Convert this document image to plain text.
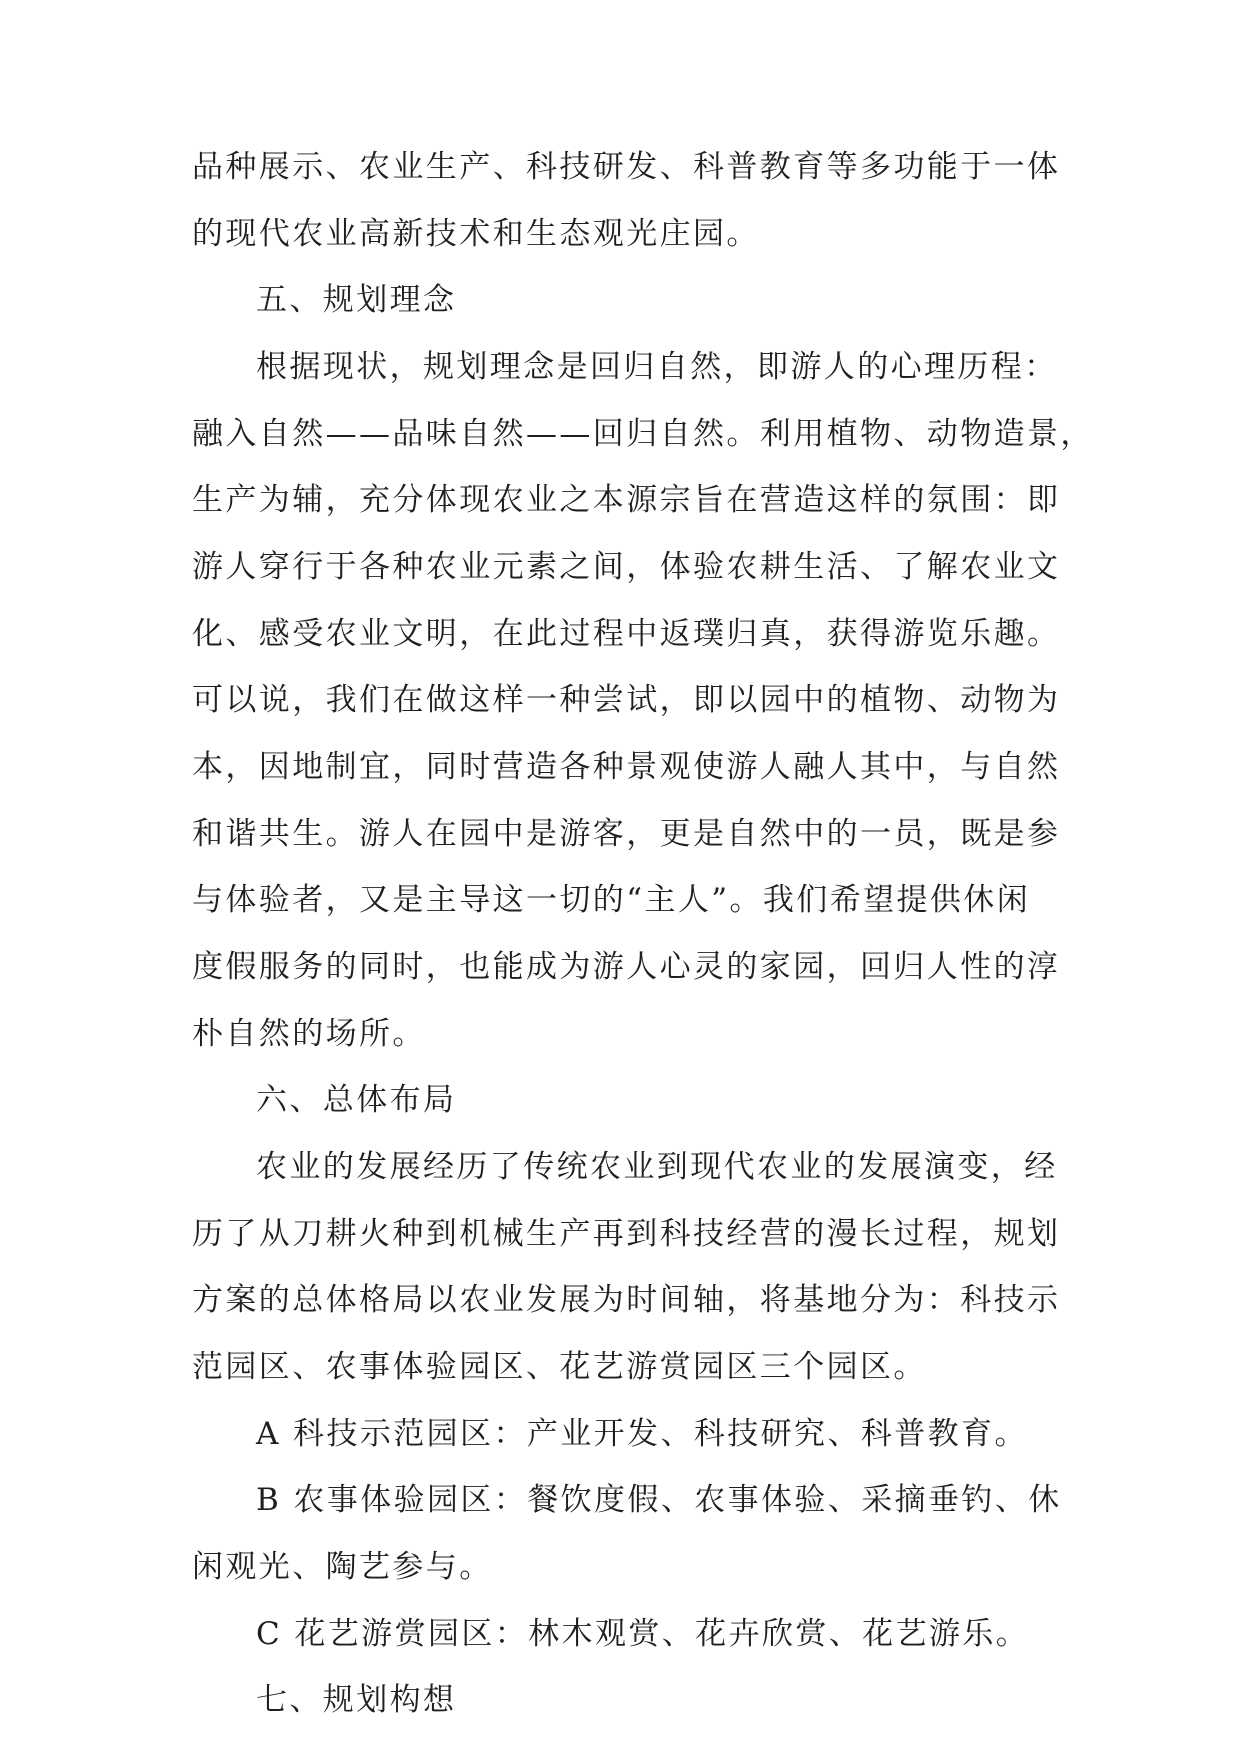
品种展示、农业生产、科技研发、科普教育等多功能于一体
的现代农业高新技术和生态观光庄园。
五、规划理念
根据现状，规划理念是回归自然，即游人的心理历程：
融入自然——品味自然——回归自然。利用植物、动物造景，
生产为辅，充分体现农业之本源宗旨在营造这样的氛围：即
游人穿行于各种农业元素之间，体验农耕生活、了解农业文
化、感受农业文明，在此过程中返璞归真，获得游览乐趣。
可以说，我们在做这样一种尝试，即以园中的植物、动物为
本，因地制宜，同时营造各种景观使游人融人其中，与自然
和谐共生。游人在园中是游客，更是自然中的一员，既是参
与体验者，又是主导这一切的“主人”。我们希望提供休闲
度假服务的同时，也能成为游人心灵的家园，回归人性的淳
朴自然的场所。
六、总体布局
农业的发展经历了传统农业到现代农业的发展演变，经
历了从刀耕火种到机械生产再到科技经营的漫长过程，规划
方案的总体格局以农业发展为时间轴，将基地分为：科技示
范园区、农事体验园区、花艺游赏园区三个园区。
A 科技示范园区：产业开发、科技研究、科普教育。
B 农事体验园区：餐饮度假、农事体验、采摘垂钓、休
闲观光、陶艺参与。
C 花艺游赏园区：林木观赏、花卉欣赏、花艺游乐。
七、规划构想
